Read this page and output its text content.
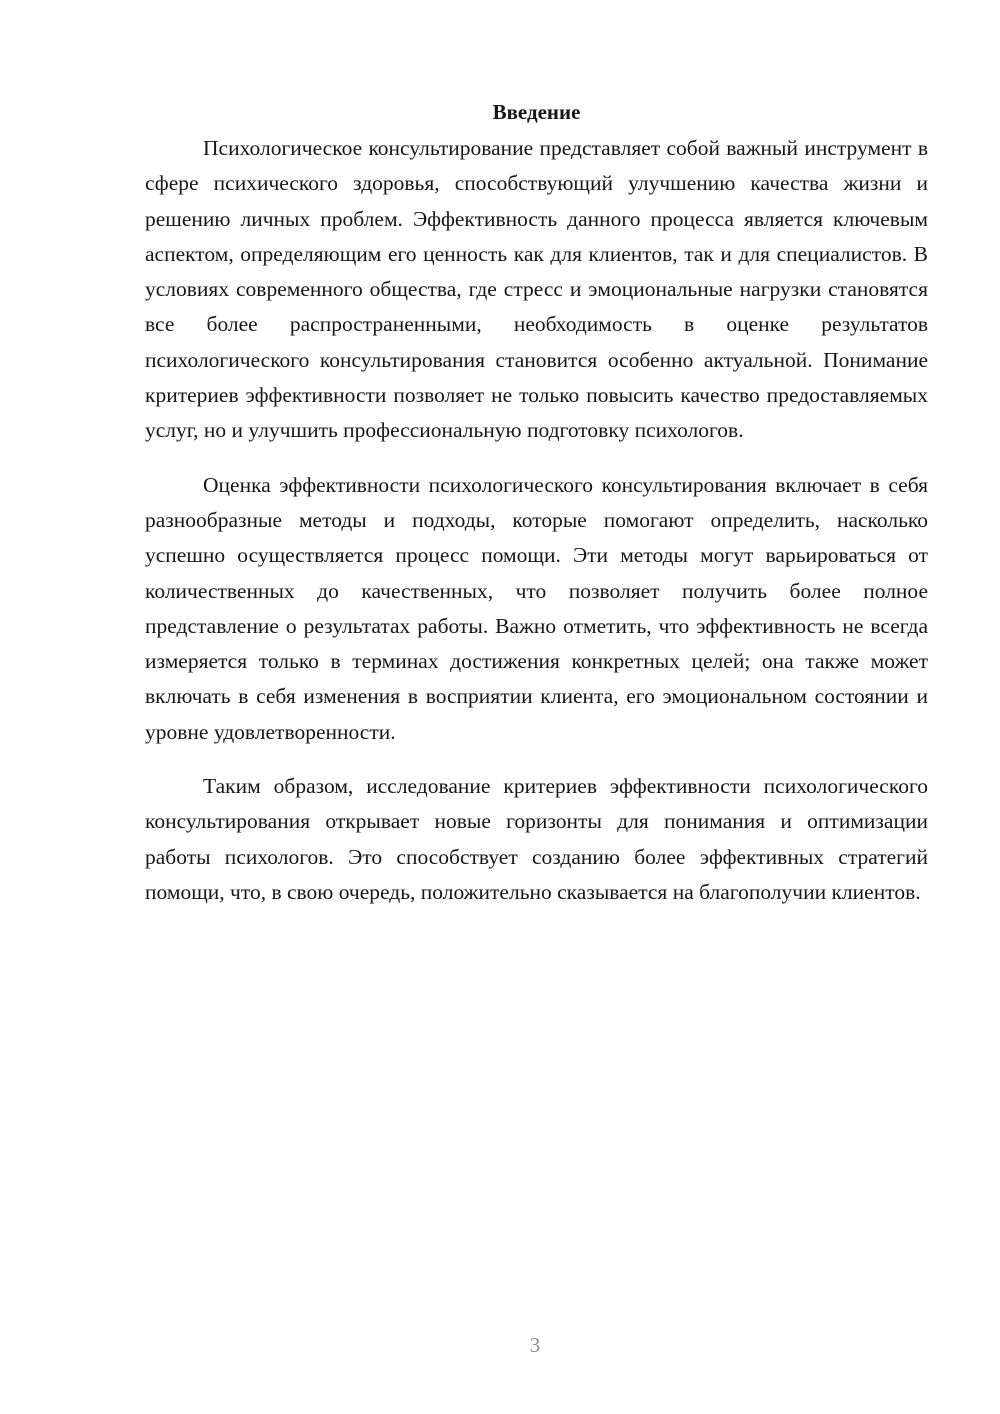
Введение

Психологическое консультирование представляет собой важный инструмент в сфере психического здоровья, способствующий улучшению качества жизни и решению личных проблем. Эффективность данного процесса является ключевым аспектом, определяющим его ценность как для клиентов, так и для специалистов. В условиях современного общества, где стресс и эмоциональные нагрузки становятся все более распространенными, необходимость в оценке результатов психологического консультирования становится особенно актуальной. Понимание критериев эффективности позволяет не только повысить качество предоставляемых услуг, но и улучшить профессиональную подготовку психологов.

Оценка эффективности психологического консультирования включает в себя разнообразные методы и подходы, которые помогают определить, насколько успешно осуществляется процесс помощи. Эти методы могут варьироваться от количественных до качественных, что позволяет получить более полное представление о результатах работы. Важно отметить, что эффективность не всегда измеряется только в терминах достижения конкретных целей; она также может включать в себя изменения в восприятии клиента, его эмоциональном состоянии и уровне удовлетворенности.

Таким образом, исследование критериев эффективности психологического консультирования открывает новые горизонты для понимания и оптимизации работы психологов. Это способствует созданию более эффективных стратегий помощи, что, в свою очередь, положительно сказывается на благополучии клиентов.

3
